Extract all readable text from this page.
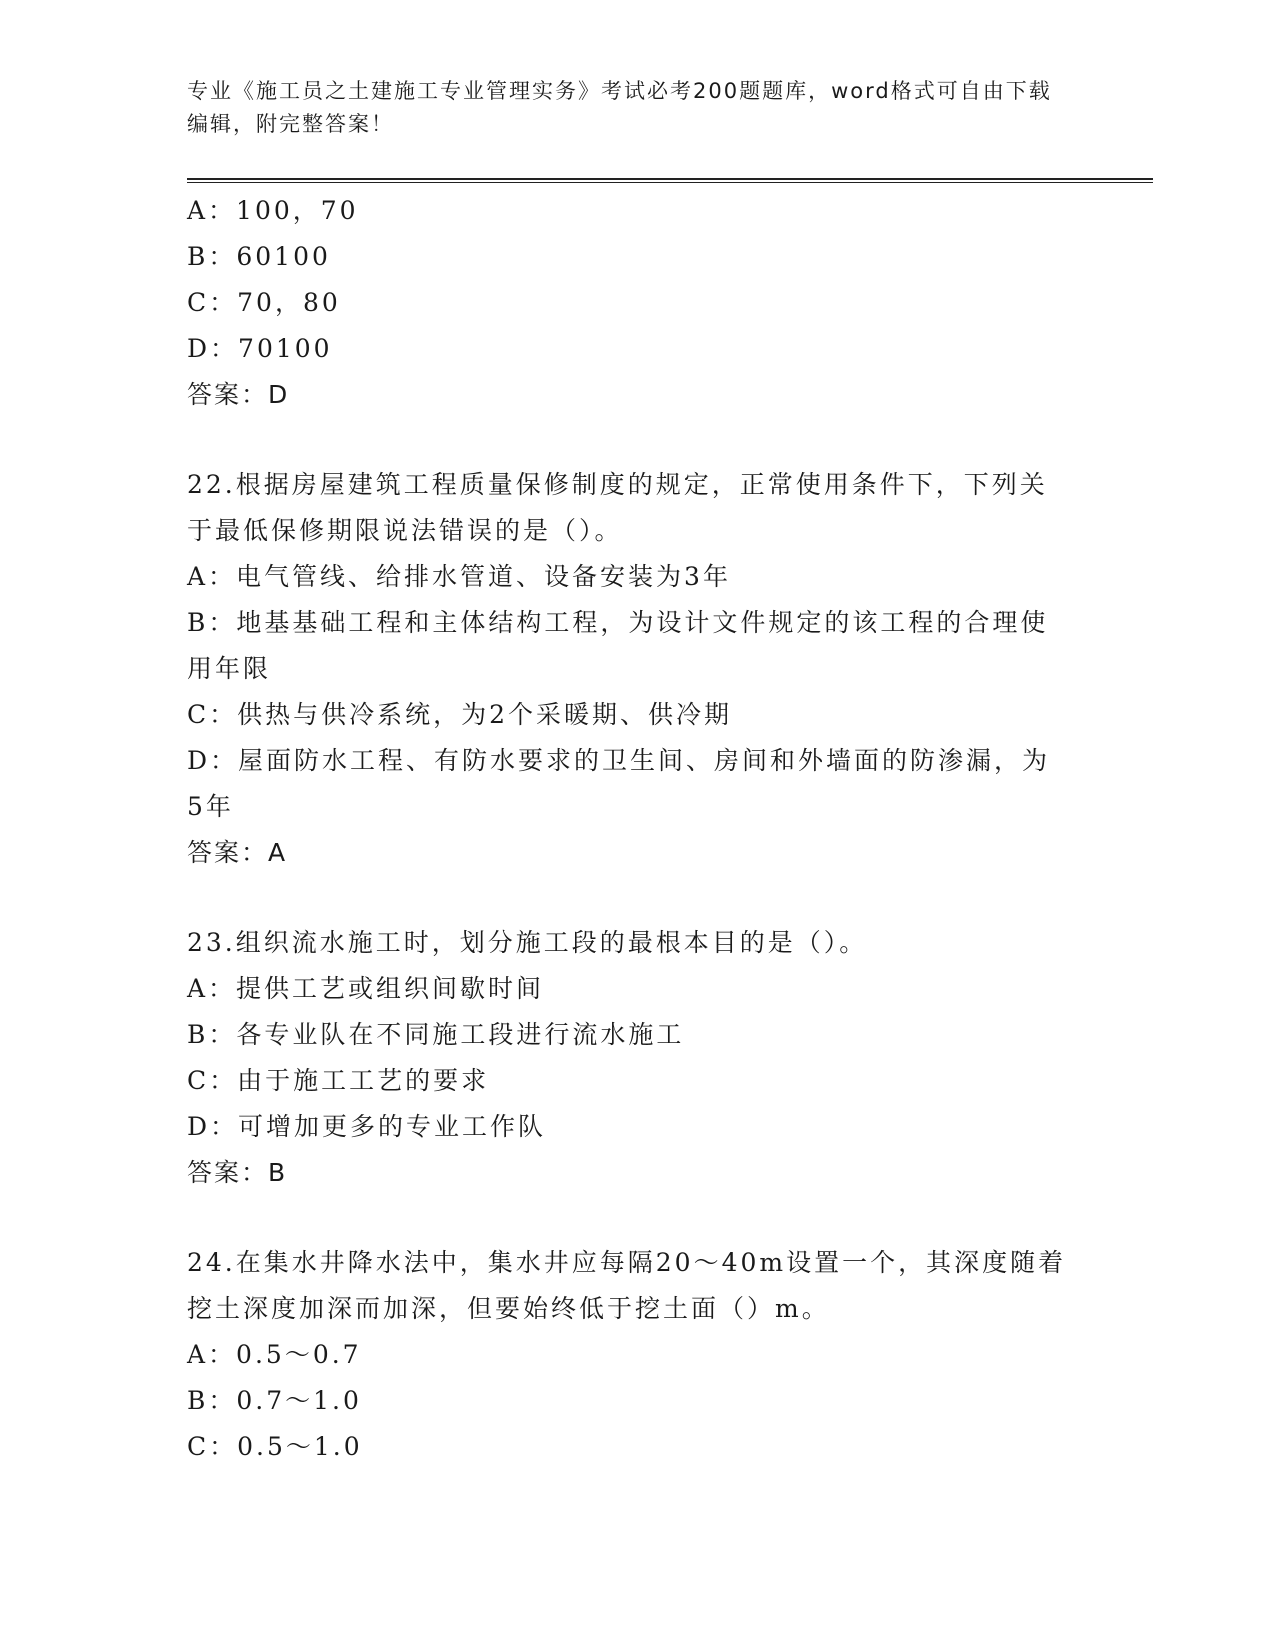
专业《施工员之土建施工专业管理实务》考试必考200题题库，word格式可自由下载编辑，附完整答案！

A：100，70

B：60100

C：70，80

D：70100

答案：D

22.根据房屋建筑工程质量保修制度的规定，正常使用条件下，下列关于最低保修期限说法错误的是（）。

A：电气管线、给排水管道、设备安装为3年

B：地基基础工程和主体结构工程，为设计文件规定的该工程的合理使用年限

C：供热与供冷系统，为2个采暖期、供冷期

D：屋面防水工程、有防水要求的卫生间、房间和外墙面的防渗漏，为5年

答案：A

23.组织流水施工时，划分施工段的最根本目的是（）。

A：提供工艺或组织间歇时间

B：各专业队在不同施工段进行流水施工

C：由于施工工艺的要求

D：可增加更多的专业工作队

答案：B

24.在集水井降水法中，集水井应每隔20～40m设置一个，其深度随着挖土深度加深而加深，但要始终低于挖土面（）m。

A：0.5～0.7

B：0.7～1.0

C：0.5～1.0
